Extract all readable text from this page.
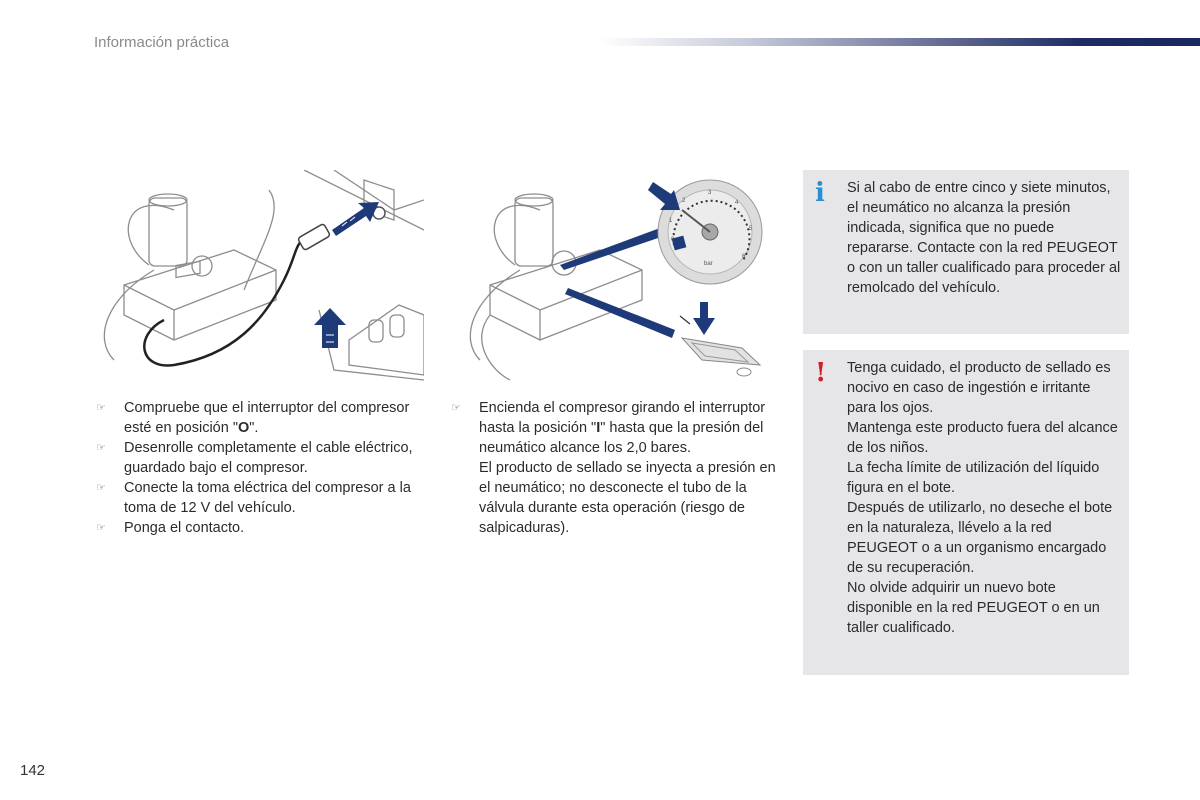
Información práctica
0
1
2
3
4
5
6
bar
☞ Compruebe que el interruptor del compresor esté en posición "O".
☞ Desenrolle completamente el cable eléctrico, guardado bajo el compresor.
☞ Conecte la toma eléctrica del compresor a la toma de 12 V del vehículo.
☞ Ponga el contacto.
☞ Encienda el compresor girando el interruptor hasta la posición "I" hasta que la presión del neumático alcance los 2,0 bares.

El producto de sellado se inyecta a presión en el neumático; no desconecte el tubo de la válvula durante esta operación (riesgo de salpicaduras).

i Si al cabo de entre cinco y siete minutos, el neumático no alcanza la presión indicada, significa que no puede repararse. Contacte con la red PEUGEOT o con un taller cualificado para proceder al remolcado del vehículo.
! Tenga cuidado, el producto de sellado es nocivo en caso de ingestión e irritante para los ojos.

Mantenga este producto fuera del alcance de los niños.

La fecha límite de utilización del líquido figura en el bote.

Después de utilizarlo, no deseche el bote en la naturaleza, llévelo a la red PEUGEOT o a un organismo encargado de su recuperación.

No olvide adquirir un nuevo bote disponible en la red PEUGEOT o en un taller cualificado.

142
